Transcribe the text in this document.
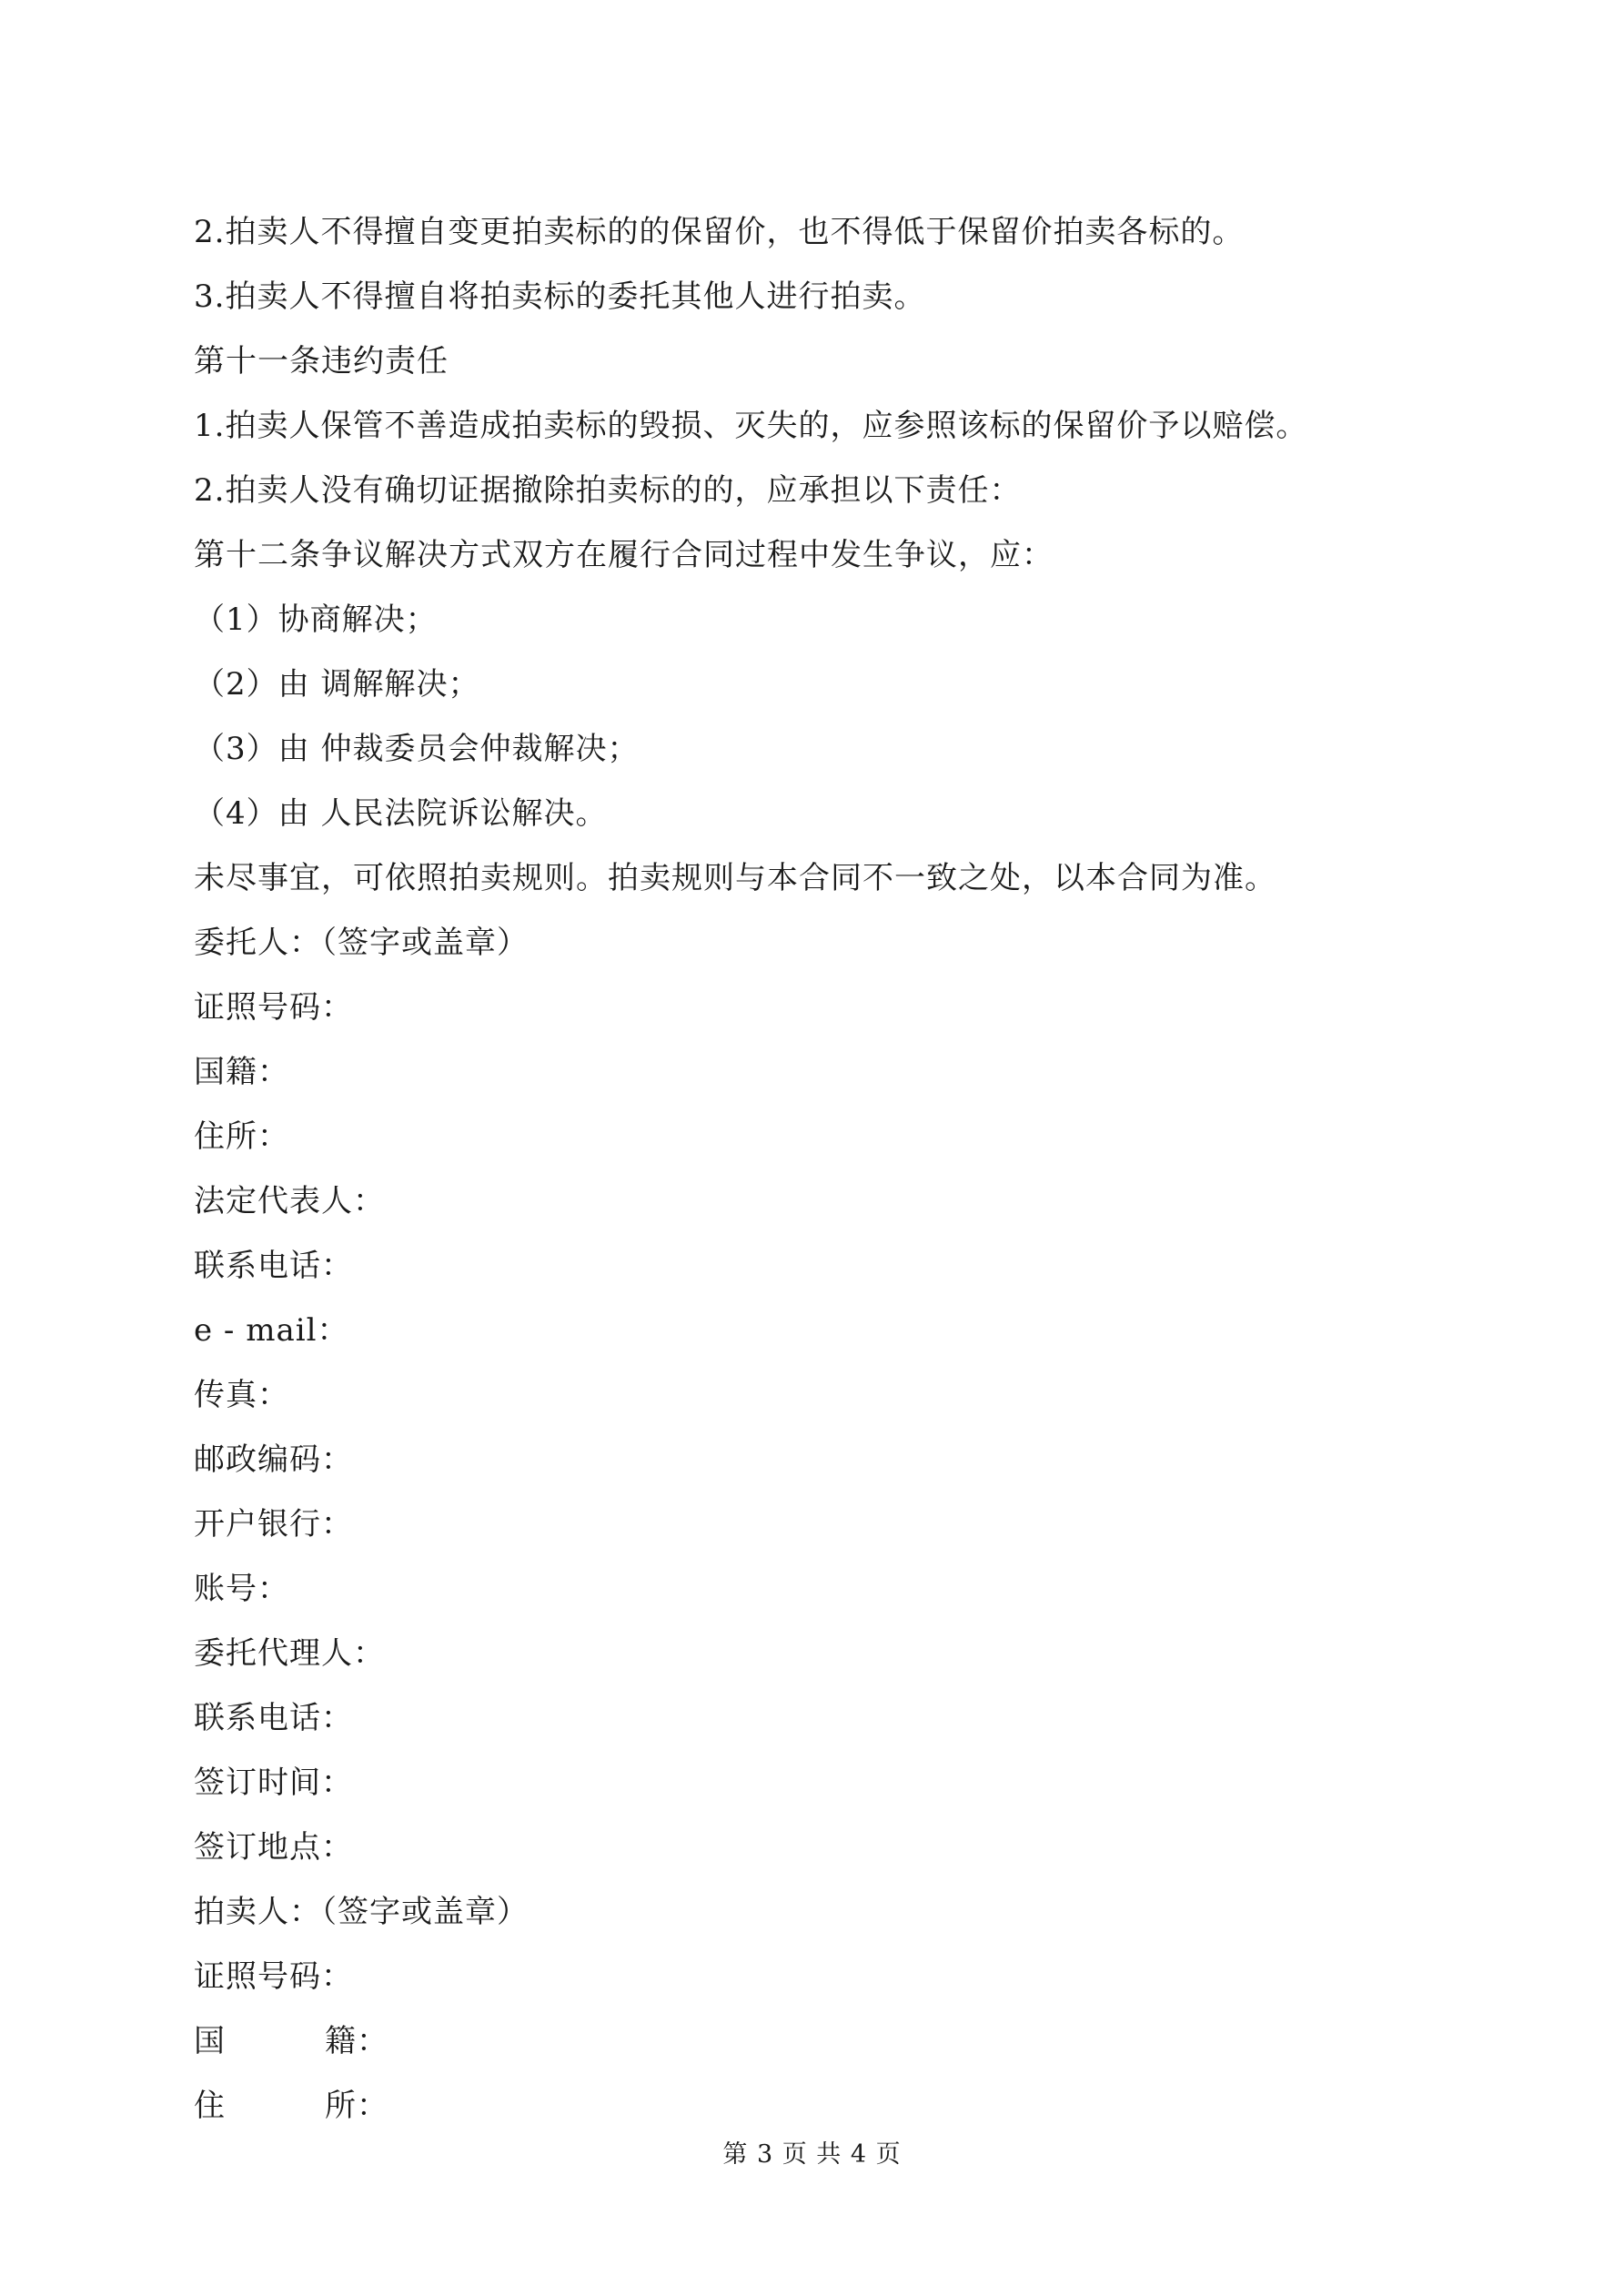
2.拍卖人不得擅自变更拍卖标的的保留价，也不得低于保留价拍卖各标的。
3.拍卖人不得擅自将拍卖标的委托其他人进行拍卖。
第十一条违约责任
1.拍卖人保管不善造成拍卖标的毁损、灭失的，应参照该标的保留价予以赔偿。
2.拍卖人没有确切证据撤除拍卖标的的，应承担以下责任：
第十二条争议解决方式双方在履行合同过程中发生争议，应：
（1）协商解决；
（2）由 调解解决；
（3）由 仲裁委员会仲裁解决；
（4）由 人民法院诉讼解决。
未尽事宜，可依照拍卖规则。拍卖规则与本合同不一致之处，以本合同为准。
委托人：（签字或盖章）
证照号码：
国籍：
住所：
法定代表人：
联系电话：
e - mail：
传真：
邮政编码：
开户银行：
账号：
委托代理人：
联系电话：
签订时间：
签订地点：
拍卖人：（签字或盖章）
证照号码：
国	籍：
住	所：
第 3 页 共 4 页
